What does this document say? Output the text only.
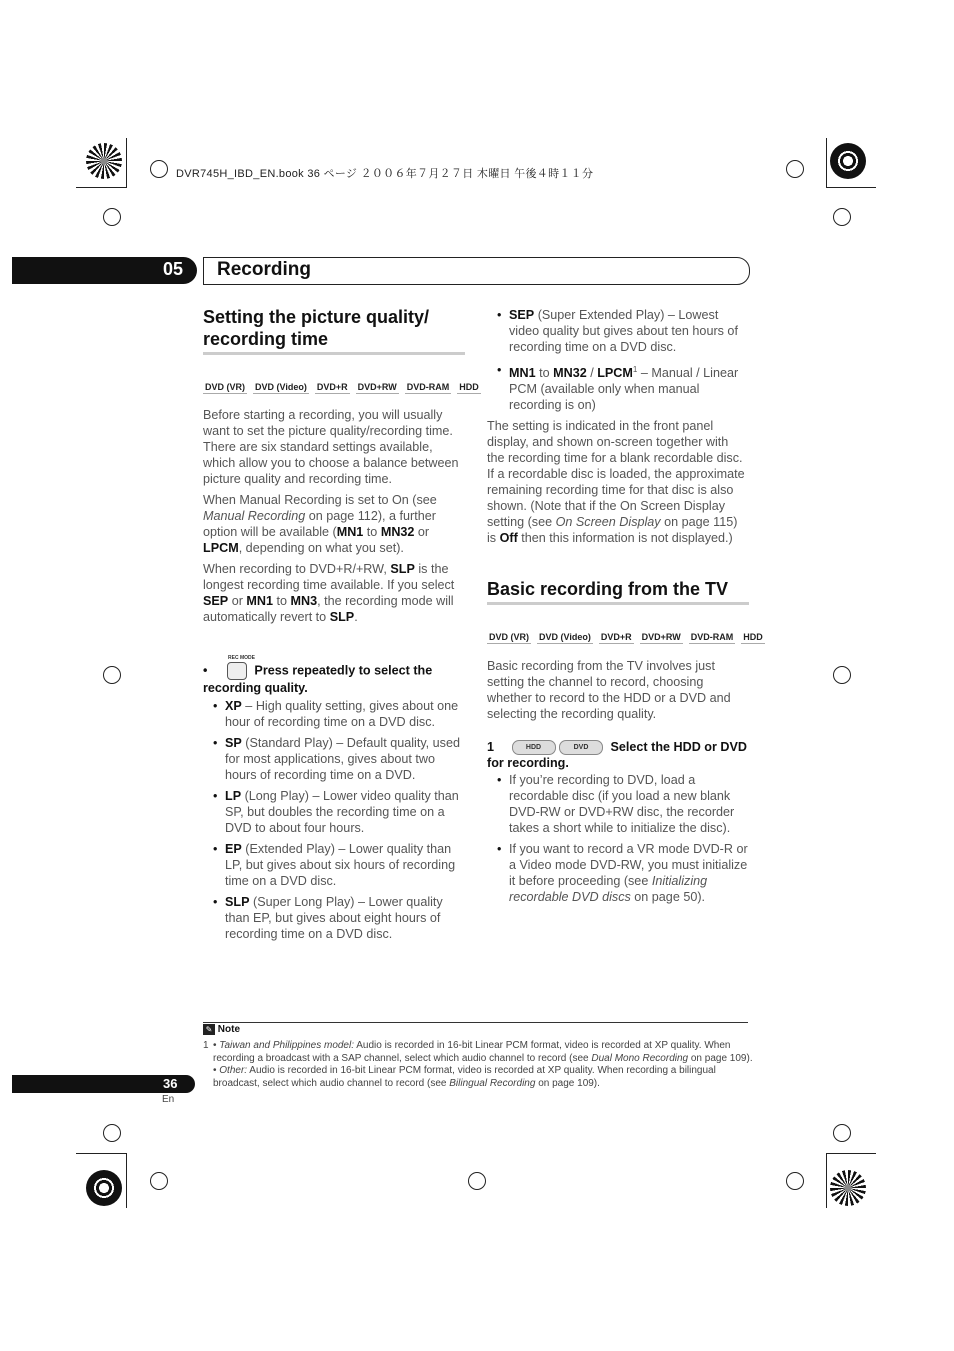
DVR745H_IBD_EN.book 36 ページ ２００６年７月２７日 木曜日 午後４時１１分
05 Recording
Setting the picture quality/
recording time
DVD (VR) DVD (Video) DVD+R DVD+RW DVD-RAM HDD

Before starting a recording, you will usually want to set the picture quality/recording time. There are six standard settings available, which allow you to choose a balance between picture quality and recording time.

When Manual Recording is set to On (see Manual Recording on page 112), a further option will be available (MN1 to MN32 or LPCM, depending on what you set).

When recording to DVD+R/+RW, SLP is the longest recording time available. If you select SEP or MN1 to MN3, the recording mode will automatically revert to SLP.

REC MODE
•	Press repeatedly to select the recording quality.
• XP – High quality setting, gives about one hour of recording time on a DVD disc.
• SP (Standard Play) – Default quality, used for most applications, gives about two hours of recording time on a DVD.
• LP (Long Play) – Lower video quality than SP, but doubles the recording time on a DVD to about four hours.
• EP (Extended Play) – Lower quality than LP, but gives about six hours of recording time on a DVD disc.
• SLP (Super Long Play) – Lower quality than EP, but gives about eight hours of recording time on a DVD disc.
• SEP (Super Extended Play) – Lowest video quality but gives about ten hours of recording time on a DVD disc.
• MN1 to MN32 / LPCM$^1$ – Manual / Linear PCM (available only when manual recording is on)

The setting is indicated in the front panel display, and shown on-screen together with the recording time for a blank recordable disc. If a recordable disc is loaded, the approximate remaining recording time for that disc is also shown. (Note that if the On Screen Display setting (see On Screen Display on page 115) is Off then this information is not displayed.)

Basic recording from the TV
DVD (VR) DVD (Video) DVD+R DVD+RW DVD-RAM HDD

Basic recording from the TV involves just setting the channel to record, choosing whether to record to the HDD or a DVD and selecting the recording quality.

1	HDD	DVD Select the HDD or DVD for recording.
• If you’re recording to DVD, load a recordable disc (if you load a new blank DVD-RW or DVD+RW disc, the recorder takes a short while to initialize the disc).
• If you want to record a VR mode DVD-R or a Video mode DVD-RW, you must initialize it before proceeding (see Initializing recordable DVD discs on page 50).
✎ Note
1 • Taiwan and Philippines model: Audio is recorded in 16-bit Linear PCM format, video is recorded at XP quality. When recording a broadcast with a SAP channel, select which audio channel to record (see Dual Mono Recording on page 109).
• Other: Audio is recorded in 16-bit Linear PCM format, video is recorded at XP quality. When recording a bilingual broadcast, select which audio channel to record (see Bilingual Recording on page 109).
36
En
